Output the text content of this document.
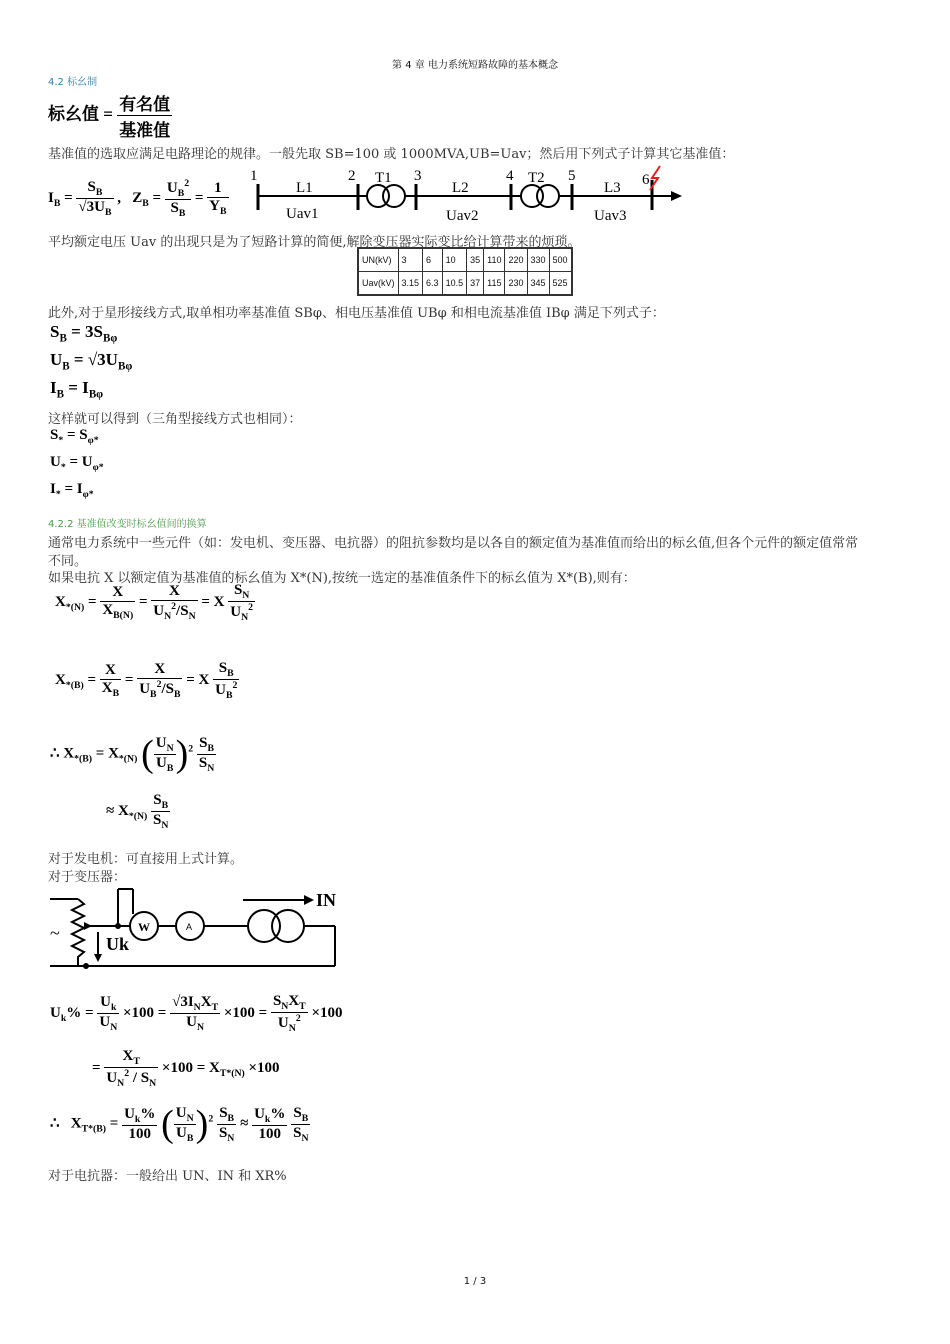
第 4 章 电力系统短路故障的基本概念
4.2 标幺制
标幺值 = $\frac{\text{有名值}}{\text{基准值}}$
基准值的选取应满足电路理论的规律。一般先取 SB=100 或 1000MVA,UB=Uav；然后用下列式子计算其它基准值：
$I_B = \frac{S_B}{√3U_B}$ ,   $Z_B = \frac{U_B^2}{S_B} = \frac{1}{Y_B}$
1	2	3	4	5	6
L1	L2	L3
T1	T2
Uav1	Uav2	Uav3
平均额定电压 Uav 的出现只是为了短路计算的简便,解除变压器实际变比给计算带来的烦琐。
UN(kV)	3	6	10	35	110	220	330	500
Uav(kV)	3.15	6.3	10.5	37	115	230	345	525
此外,对于星形接线方式,取单相功率基准值 SBφ、相电压基准值 UBφ 和相电流基准值 IBφ 满足下列式子：
$S_B = 3S_{B\varphi}$
$U_B = √3U_{B\varphi}$
$I_B = I_{B\varphi}$
这样就可以得到（三角型接线方式也相同）：
$S_* = S_{\varphi*}$
$U_* = U_{\varphi*}$
$I_* = I_{\varphi*}$
4.2.2 基准值改变时标幺值间的换算
通常电力系统中一些元件（如：发电机、变压器、电抗器）的阻抗参数均是以各自的额定值为基准值而给出的标幺值,但各个元件的额定值常常
不同。
如果电抗 X 以额定值为基准值的标幺值为 X*(N),按统一选定的基准值条件下的标幺值为 X*(B),则有：
$X_{*(N)} = \frac{X}{X_{B(N)}} = \frac{X}{U_N^2/S_N} = X \frac{S_N}{U_N^2}$
$X_{*(B)} = \frac{X}{X_B} = \frac{X}{U_B^2/S_B} = X \frac{S_B}{U_B^2}$
∴ $X_{*(B)} = X_{*(N)}$ ( $\frac{U_N}{U_B} )^2 \frac{S_B}{S_N}$
≈ $X_{*(N)} \frac{S_B}{S_N}$
对于发电机：可直接用上式计算。
对于变压器：
~	W	A
IN
Uk
$U_k\% = \frac{U_k}{U_N} \times 100 = \frac{√3I_NX_T}{U_N} \times 100 = \frac{S_NX_T}{U_N^2} \times 100$
= $\frac{X_T}{U_N^2 / S_N} \times 100 = X_{T*(N)} \times 100$
∴   $X_{T*(B)} = \frac{U_k\%}{100}$ ( $\frac{U_N}{U_B} )^2 \frac{S_B}{S_N} \approx \frac{U_k\%}{100}$
$\frac{S_B}{S_N}$
对于电抗器：一般给出 UN、IN 和 XR%
1 / 3
